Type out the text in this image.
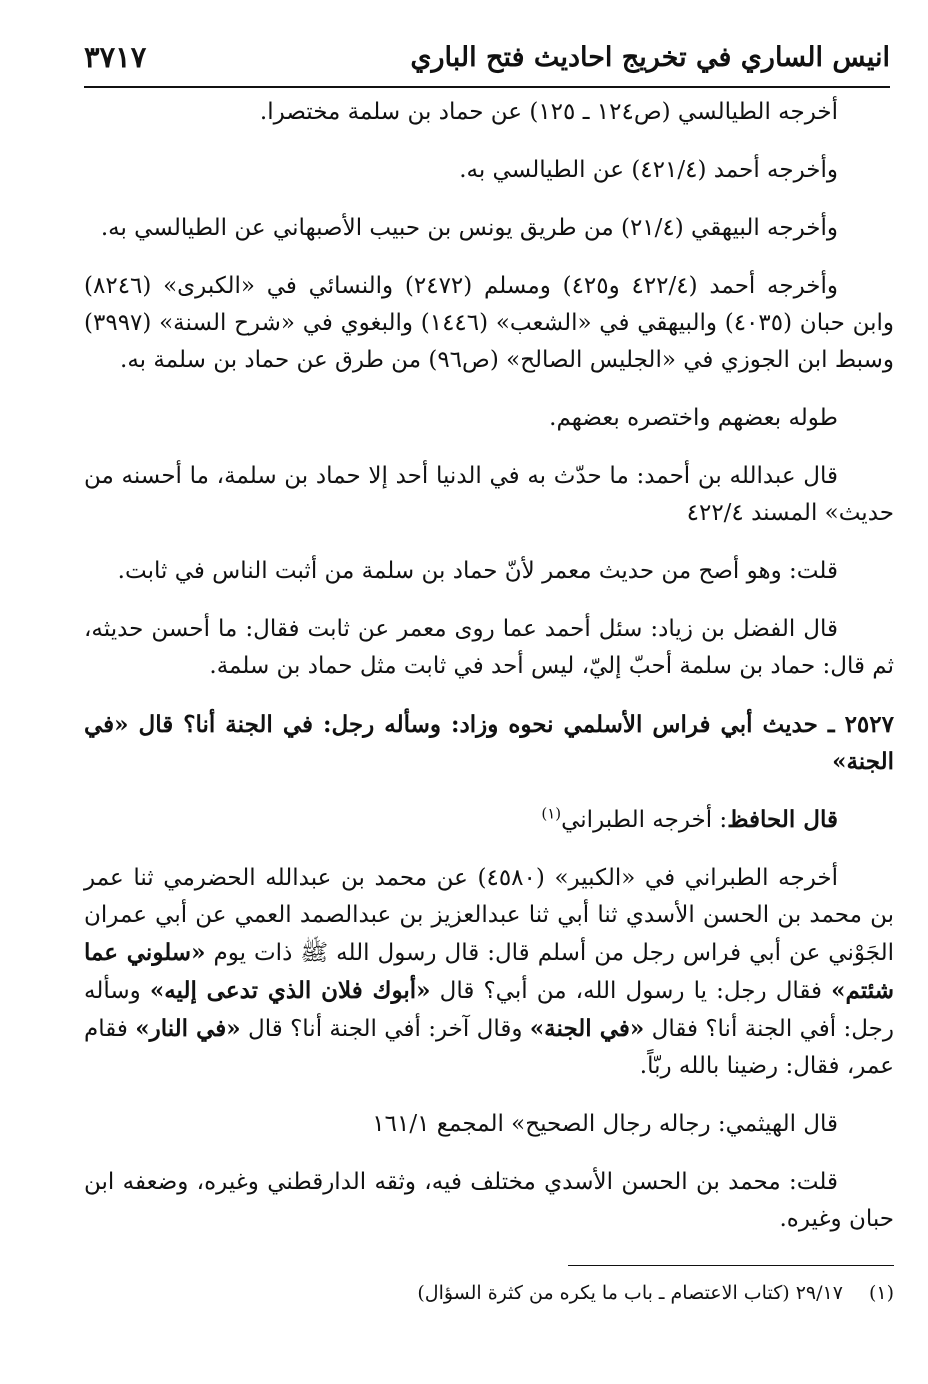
انيس الساري في تخريج احاديث فتح الباري
٣٧١٧

أخرجه الطيالسي (ص١٢٤ ـ ١٢٥) عن حماد بن سلمة مختصرا.

وأخرجه أحمد (٤٢١/٤) عن الطيالسي به.

وأخرجه البيهقي (٢١/٤) من طريق يونس بن حبيب الأصبهاني عن الطيالسي به.

وأخرجه أحمد (٤٢٢/٤ و٤٢٥) ومسلم (٢٤٧٢) والنسائي في «الكبرى» (٨٢٤٦) وابن حبان (٤٠٣٥) والبيهقي في «الشعب» (١٤٤٦) والبغوي في «شرح السنة» (٣٩٩٧) وسبط ابن الجوزي في «الجليس الصالح» (ص٩٦) من طرق عن حماد بن سلمة به.

طوله بعضهم واختصره بعضهم.

قال عبدالله بن أحمد: ما حدّث به في الدنيا أحد إلا حماد بن سلمة، ما أحسنه من حديث» المسند ٤٢٢/٤

قلت: وهو أصح من حديث معمر لأنّ حماد بن سلمة من أثبت الناس في ثابت.

قال الفضل بن زياد: سئل أحمد عما روى معمر عن ثابت فقال: ما أحسن حديثه، ثم قال: حماد بن سلمة أحبّ إليّ، ليس أحد في ثابت مثل حماد بن سلمة.

٢٥٢٧ ـ حديث أبي فراس الأسلمي نحوه وزاد: وسأله رجل: في الجنة أنا؟ قال «في الجنة»

قال الحافظ: أخرجه الطبراني$^{(١)}$

أخرجه الطبراني في «الكبير» (٤٥٨٠) عن محمد بن عبدالله الحضرمي ثنا عمر بن محمد بن الحسن الأسدي ثنا أبي ثنا عبدالعزيز بن عبدالصمد العمي عن أبي عمران الجَوْني عن أبي فراس رجل من أسلم قال: قال رسول الله ﷺ ذات يوم «سلوني عما شئتم» فقال رجل: يا رسول الله، من أبي؟ قال «أبوك فلان الذي تدعى إليه» وسأله رجل: أفي الجنة أنا؟ فقال «في الجنة» وقال آخر: أفي الجنة أنا؟ قال «في النار» فقام عمر، فقال: رضينا بالله ربّاً.

قال الهيثمي: رجاله رجال الصحيح» المجمع ١٦١/١

قلت: محمد بن الحسن الأسدي مختلف فيه، وثقه الدارقطني وغيره، وضعفه ابن حبان وغيره.

(١)٢٩/١٧ (كتاب الاعتصام ـ باب ما يكره من كثرة السؤال)
